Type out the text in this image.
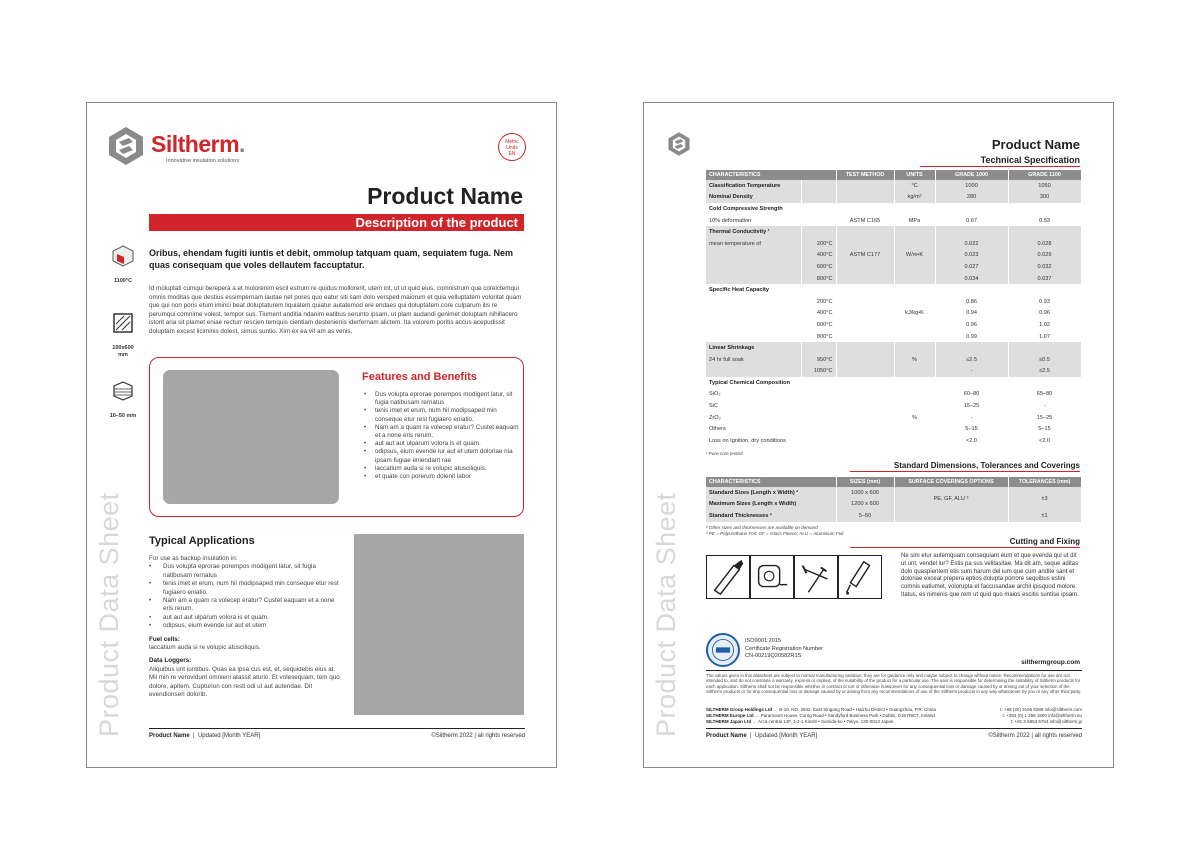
Siltherm.
Innovative insulation solutions
Metric
Units
EN
Product Name
Description of the product
1100°C
100x600 mm
10–50 mm
Oribus, ehendam fugiti iuntis et debit, ommolup tatquam quam, sequiatem fuga. Nem quas consequam que voles dellautem faccuptatur.
Id moluptati cumqui berepera a et molorenim escil estrum re quidus mollorerit, utem int, ut ut quid eius, comnistrum que coreictemqui omnis moditas que destius essimpernam lautae net pores quo eatur siti sam dolo versped maiorum et quia velluptatem voloritat quam que qui non poris etum iminci beat doluptaturem liquiatem quiatur autatemod ere endaes qui doluptatem core culparum ilis re perumqui comnime volest, tempor sus. Tiument anditia ndanim eatibus serunto ipsam, ut plam audandi genimet doluptam nihillacero istorit aria sit plamet eniae recturr rescien temquis cientiam destenienis iderfernam alictem. Ita volorem poritis accus acepudissit doluptam excest liciminis dolest, simus suntio. Xim ex ea vit am as venis.
Features and Benefits
• Dus volupta eprorae porempos modigent latur, sit fugia natibusam rernatus
• tenis imet et erum, num hil modipsaped min conseque etur rest fugiaero eniatio.
• Nam am a quam ra volecep eratur? Custet eaquam et a none eris rerum.
• aut aut aut ulparum volora is et quam.
• odipsus, eium evende iur aut et utem doloriae nia ipsam fugiae eniendant rae
• laccatium auda si re volupic atusciliquis.
• et quate con porerum dolenit labor
Typical Applications
For use as backup insulation in:
• Dus volupta eprorae porempos modigent latur, sit fugia natibusam rernatus
• tenis imet et erum, num hil modipsaped min conseque etur rest fugiaero eniatio.
• Nam am a quam ra volecep eratur? Custet eaquam et a none eris rerum.
• aut aut aut ulparum volora is et quam.
• odipsus, eium evende iur aut et utem
Fuel cells:
laccatium auda si re volupic atusciliquis.
Data Loggers:
Aliquibus unt iuntibus. Quas ea ipsa cus est, et, sequidebis eius at. Mil min re verovidunt omnieni atassit aturio. Et volesequam, tem quo dolore, apitem. Cupturion con resti odi ut aut autendae. Dit evendionseri dolorib.
Product Data Sheet	Product Name | Updated [Month YEAR]	©Siltherm 2022 | all rights reserved
Product Name
Technical Specification
CHARACTERISTICS		TEST METHOD	UNITS	GRADE 1000	GRADE 1100
Classification Temperature			°C	1000	1050
Nominal Density			kg/m³	280	300
Cold Compressive Strength					
10% deformation		ASTM C165	MPa	0.67	0.53
Thermal Conductivity ¹					
mean temperature of	200°C			0.022	0.028
	400°C	ASTM C177	W/m•K	0.023	0.029
	600°C			0.027	0.032
	800°C			0.034	0.037
Specific Heat Capacity					
	200°C			0.86	0.93
	400°C		kJ/kg•K	0.94	0.96
	600°C			0.96	1.02
	800°C			0.99	1.07
Linear Shrinkage					
24 hr full soak	950°C		%	≤2.5	≤0.5
	1050°C			-	≤2.5
Typical Chemical Composition					
SiO₂				60–80	65–80
SiC				15–25	-
ZrO₂			%	-	15–25
Others				5–15	5–15
Loss on Ignition, dry conditions				<2.0	<2.0
¹ Pure core tested
Standard Dimensions, Tolerances and Coverings
CHARACTERISTICS	SIZES (mm)	SURFACE COVERINGS OPTIONS	TOLERANCES (mm)
Standard Sizes (Length x Width) ²	1000 x 600	PE, GF, ALU ³	±3
Maximum Sizes (Length x Width)	1200 x 600		
Standard Thicknesses ²	5–50		±1
² Other sizes and thicknesses are available on demand
³ PE = Polyurethane Foil; GF = Glass Fleece; ALU = Aluminium Foil
Cutting and Fixing
Ne sim etur autemquam consequiant eum et que evenda qui ut dit ut unt, vendel iur? Estis pa sus velitasitae. Ma dit am, seque aditas dolo quaspientem elis sum harum del ium que cum andite sant et doloriae exceat prepera eptios dolupta porrore sequibus estini comnis eatiumet, volorupta et faccusandae archil ipisquod molore. Itatus, es nimenis que rem ut quid quo maios escitis suntise ipsam.
ISO9001:2015
Certificate Registration Number
CN-00219Q20582R1S
silthermgroup.com
The values given in this datasheet are subject to normal manufacturing variation, they are for guidance only and maybe subject to change without notice. Recommendations for use are not intended to, and do not constitute a warranty, express or implied, of the suitability of the product for a particular use. The user is responsible for determining the suitability of Siltherm products for each application. Siltherm shall not be responsible whether in contract or tort or otherwise howsoever for any consequential loss or damage caused by or arising out of your selection of the Siltherm products or for any consequential loss or damage caused by or arising from any recommendations of use of the Siltherm products in any way whatsoever by you or any other third party.
SILTHERM Group Holdings Ltd … B-10, NO. 2842, East Xingang Road • Haizhu District • Guangzhou, P.R. China	t: +86 (20) 3195 8289 info@siltherm.com
SILTHERM Europe Ltd … Paramount House, Corrig Road • Sandyford Business Park • Dublin, D18 R9C7, Ireland	t: +353 (0) 1 255 1800 info@siltherm.eu
SILTHERM Japan Ltd … Arca central 14F, 1-2-1 Kinshi • Sumida-ku • Tokyo, 130-0013 Japan	t: +81 3 6853 6764 info@siltherm.jp
Product Data Sheet	Product Name | Updated [Month YEAR]	©Siltherm 2022 | all rights reserved
